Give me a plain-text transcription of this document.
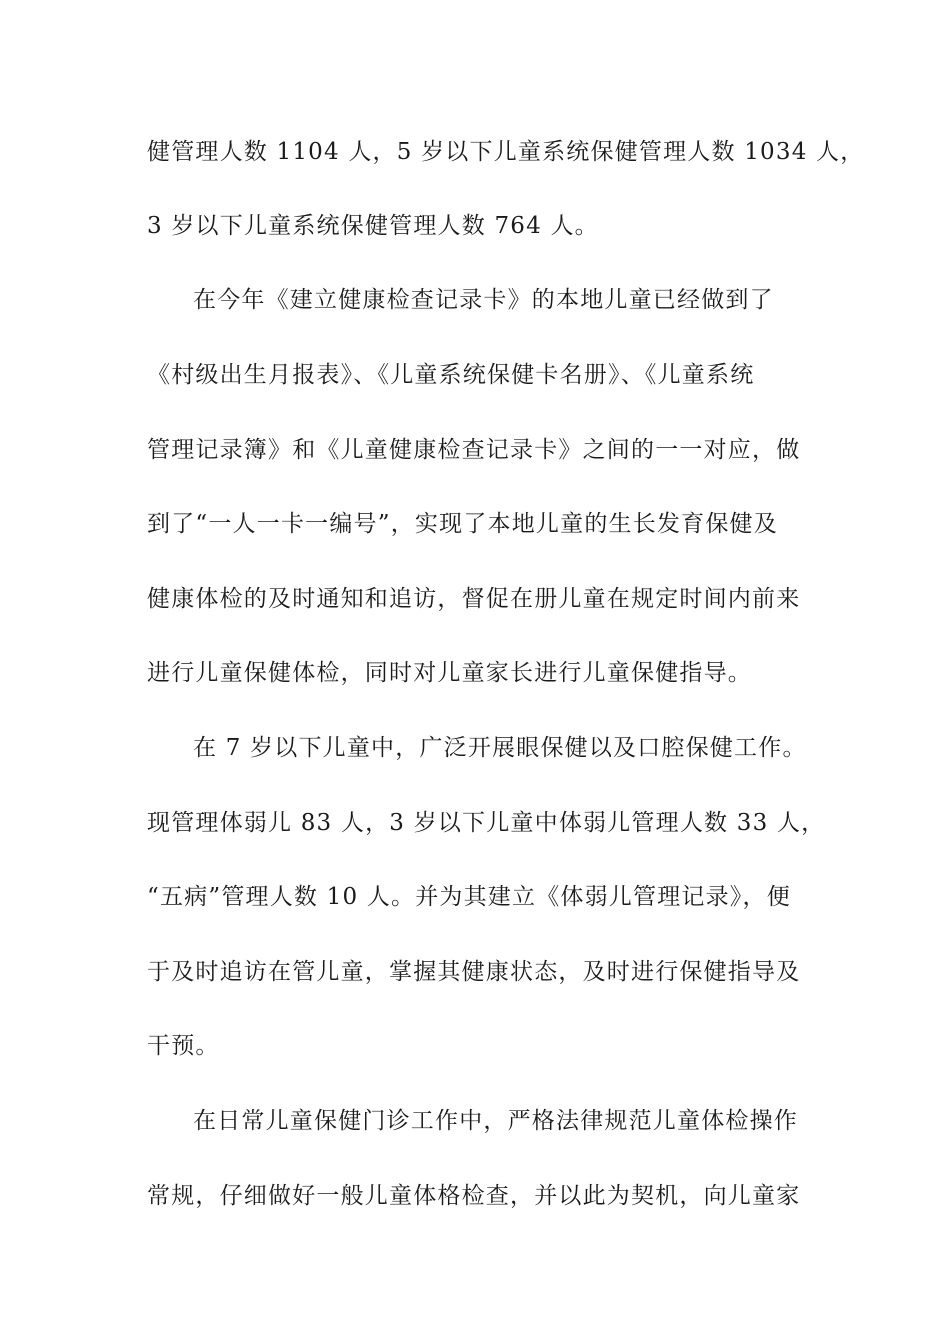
健管理人数 1104 人，5 岁以下儿童系统保健管理人数 1034 人，
3 岁以下儿童系统保健管理人数 764 人。
在今年《建立健康检查记录卡》的本地儿童已经做到了
《村级出生月报表》、《儿童系统保健卡名册》、《儿童系统
管理记录簿》和《儿童健康检查记录卡》之间的一一对应，做
到了“一人一卡一编号”，实现了本地儿童的生长发育保健及
健康体检的及时通知和追访，督促在册儿童在规定时间内前来
进行儿童保健体检，同时对儿童家长进行儿童保健指导。
在 7 岁以下儿童中，广泛开展眼保健以及口腔保健工作。
现管理体弱儿 83 人，3 岁以下儿童中体弱儿管理人数 33 人，
“五病”管理人数 10 人。并为其建立《体弱儿管理记录》，便
于及时追访在管儿童，掌握其健康状态，及时进行保健指导及
干预。
在日常儿童保健门诊工作中，严格法律规范儿童体检操作
常规，仔细做好一般儿童体格检查，并以此为契机，向儿童家
